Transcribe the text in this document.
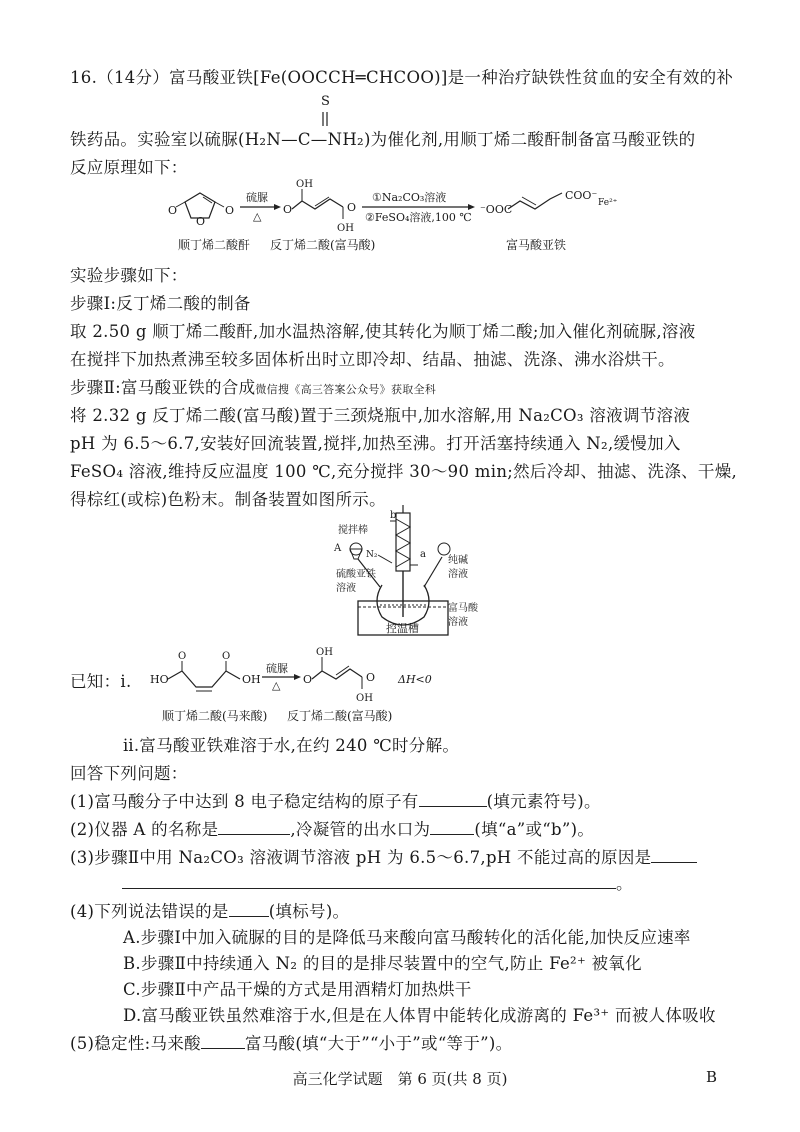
16.（14分）富马酸亚铁[Fe(OOCCH═CHCOO)]是一种治疗缺铁性贫血的安全有效的补
S
铁药品。实验室以硫脲(H₂N—C—NH₂)为催化剂,用顺丁烯二酸酐制备富马酸亚铁的
反应原理如下：
O
O
O
硫脲
△
O
OH
OH
O
①Na₂CO₃溶液
②FeSO₄溶液,100 ℃
⁻OOC
COO⁻
Fe²⁺
顺丁烯二酸酐 反丁烯二酸(富马酸)	富马酸亚铁
实验步骤如下：
步骤Ⅰ:反丁烯二酸的制备
取 2.50 g 顺丁烯二酸酐,加水温热溶解,使其转化为顺丁烯二酸;加入催化剂硫脲,溶液
在搅拌下加热煮沸至较多固体析出时立即冷却、结晶、抽滤、洗涤、沸水浴烘干。
步骤Ⅱ:富马酸亚铁的合成微信搜《高三答案公众号》获取全科
将 2.32 g 反丁烯二酸(富马酸)置于三颈烧瓶中,加水溶解,用 Na₂CO₃ 溶液调节溶液
pH 为 6.5～6.7,安装好回流装置,搅拌,加热至沸。打开活塞持续通入 N₂,缓慢加入
FeSO₄ 溶液,维持反应温度 100 ℃,充分搅拌 30～90 min;然后冷却、抽滤、洗涤、干燥,
得棕红(或棕)色粉末。制备装置如图所示。
b
搅拌棒
A
N₂	a
硫酸亚铁
溶液
纯碱
溶液
富马酸
溶液
控温槽
已知：ⅰ. HO
O	O
OH
硫脲
△ O
OH
OH
O ΔH<0
顺丁烯二酸(马来酸) 反丁烯二酸(富马酸)
ⅱ.富马酸亚铁难溶于水,在约 240 ℃时分解。
回答下列问题：
(1)富马酸分子中达到 8 电子稳定结构的原子有	(填元素符号)。
(2)仪器 A 的名称是	,冷凝管的出水口为	(填“a”或“b”)。
(3)步骤Ⅱ中用 Na₂CO₃ 溶液调节溶液 pH 为 6.5～6.7,pH 不能过高的原因是
。
(4)下列说法错误的是 (填标号)。
A.步骤Ⅰ中加入硫脲的目的是降低马来酸向富马酸转化的活化能,加快反应速率
B.步骤Ⅱ中持续通入 N₂ 的目的是排尽装置中的空气,防止 Fe²⁺ 被氧化
C.步骤Ⅱ中产品干燥的方式是用酒精灯加热烘干
D.富马酸亚铁虽然难溶于水,但是在人体胃中能转化成游离的 Fe³⁺ 而被人体吸收
(5)稳定性:马来酸	富马酸(填“大于”“小于”或“等于”)。
高三化学试题　第 6 页(共 8 页)	B
